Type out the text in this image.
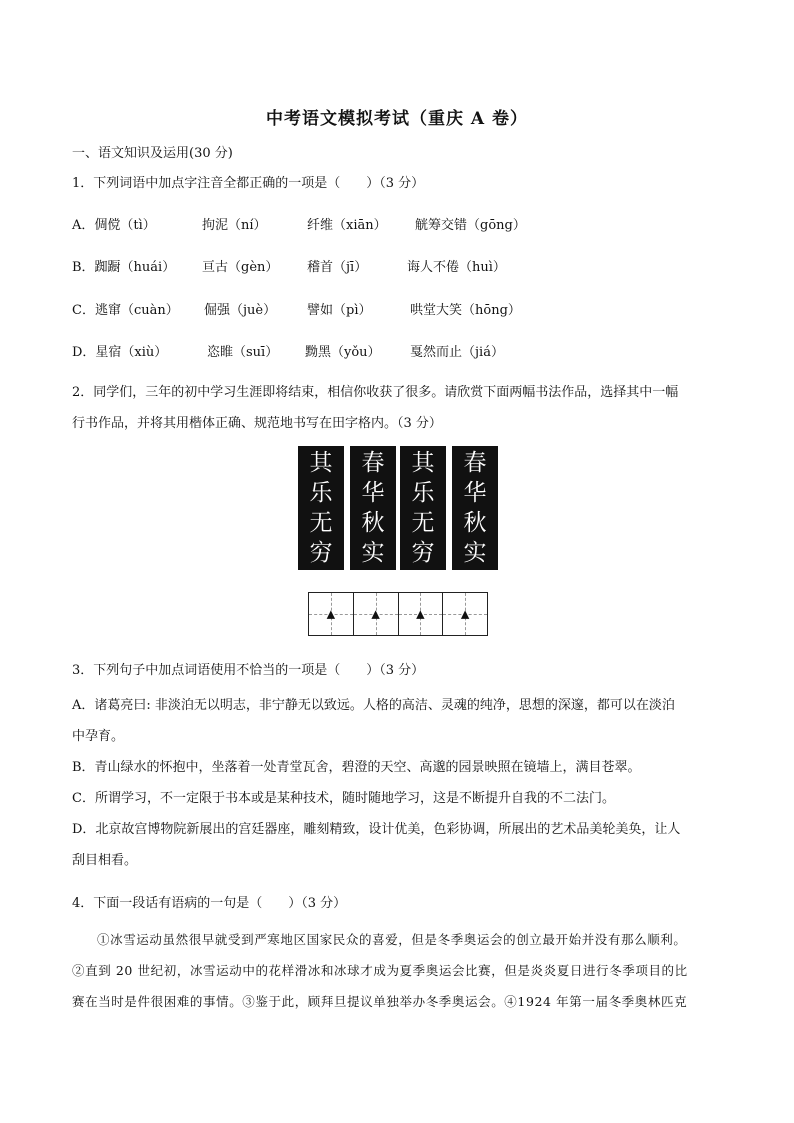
中考语文模拟考试（重庆 A 卷）
一、语文知识及运用(30 分)
1．下列词语中加点字注音全都正确的一项是（　　）（3 分）
A．倜傥（tì）	拘泥（ní）	纤维（xiān） 觥筹交错（gōng）
B．踟蹰（huái） 亘古（gèn） 稽首（jī）	诲人不倦（huì）
C．逃窜（cuàn） 倔强（juè） 譬如（pì）	哄堂大笑（hōng）
D．星宿（xiù）	恣睢（suī） 黝黑（yǒu） 戛然而止（jiá）
2．同学们，三年的初中学习生涯即将结束，相信你收获了很多。请欣赏下面两幅书法作品，选择其中一幅
行书作品，并将其用楷体正确、规范地书写在田字格内。（3 分）
其
乐
无
穷
春
华
秋
实
其
乐
无
穷
春
华
秋
实
▲	▲	▲	▲
3．下列句子中加点词语使用不恰当的一项是（　　）（3 分）
A．诸葛亮曰: 非淡泊无以明志，非宁静无以致远。人格的高洁、灵魂的纯净，思想的深邃，都可以在淡泊
中孕育。
B．青山绿水的怀抱中，坐落着一处青堂瓦舍，碧澄的天空、高邈的园景映照在镜墙上，满目苍翠。
C．所谓学习，不一定限于书本或是某种技术，随时随地学习，这是不断提升自我的不二法门。
D．北京故宫博物院新展出的宫廷器座，雕刻精致，设计优美，色彩协调，所展出的艺术品美轮美奂，让人
刮目相看。
4．下面一段话有语病的一句是（　　）（3 分）
①冰雪运动虽然很早就受到严寒地区国家民众的喜爱，但是冬季奥运会的创立最开始并没有那么顺利。
②直到 20 世纪初，冰雪运动中的花样滑冰和冰球才成为夏季奥运会比赛，但是炎炎夏日进行冬季项目的比
赛在当时是件很困难的事情。③鉴于此，顾拜旦提议单独举办冬季奥运会。④1924 年第一届冬季奥林匹克
